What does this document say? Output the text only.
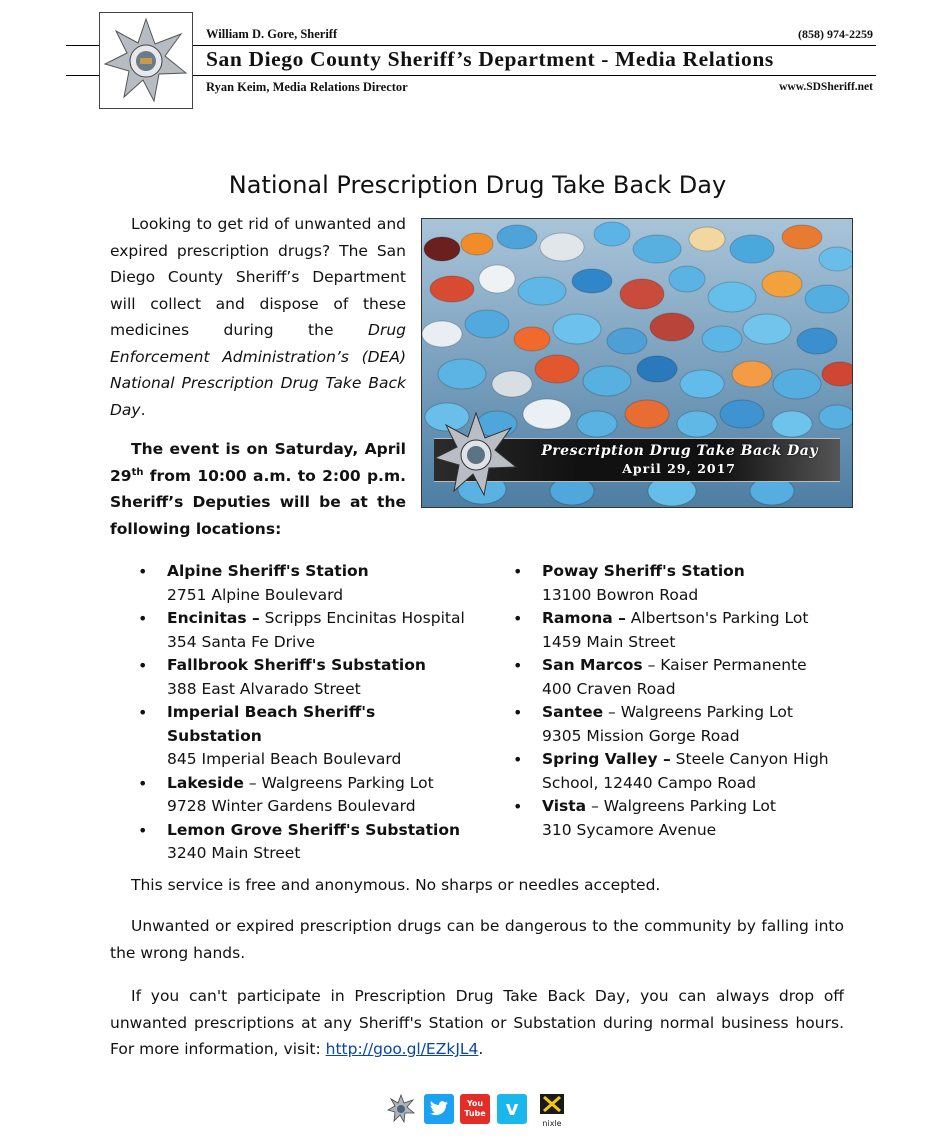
William D. Gore, Sheriff	(858) 974-2259
San Diego County Sheriff’s Department - Media Relations
Ryan Keim, Media Relations Director	www.SDSheriff.net
National Prescription Drug Take Back Day
Looking to get rid of unwanted and expired prescription drugs? The San Diego County Sheriff’s Department will collect and dispose of these medicines during the Drug Enforcement Administration’s (DEA) National Prescription Drug Take Back Day.
The event is on Saturday, April 29th from 10:00 a.m. to 2:00 p.m. Sheriff’s Deputies will be at the following locations:
Prescription Drug Take Back Day
April 29, 2017
• Alpine Sheriff's Station
2751 Alpine Boulevard
• Encinitas – Scripps Encinitas Hospital
354 Santa Fe Drive
• Fallbrook Sheriff's Substation
388 East Alvarado Street
• Imperial Beach Sheriff's Substation
845 Imperial Beach Boulevard
• Lakeside – Walgreens Parking Lot
9728 Winter Gardens Boulevard
• Lemon Grove Sheriff's Substation
3240 Main Street
• Poway Sheriff's Station
13100 Bowron Road
• Ramona – Albertson's Parking Lot
1459 Main Street
• San Marcos – Kaiser Permanente
400 Craven Road
• Santee – Walgreens Parking Lot
9305 Mission Gorge Road
• Spring Valley – Steele Canyon High
School, 12440 Campo Road
• Vista – Walgreens Parking Lot
310 Sycamore Avenue
This service is free and anonymous. No sharps or needles accepted.
Unwanted or expired prescription drugs can be dangerous to the community by falling into the wrong hands.
If you can't participate in Prescription Drug Take Back Day, you can always drop off unwanted prescriptions at any Sheriff's Station or Substation during normal business hours. For more information, visit: http://goo.gl/EZkJL4.
You Tube v
nixle
